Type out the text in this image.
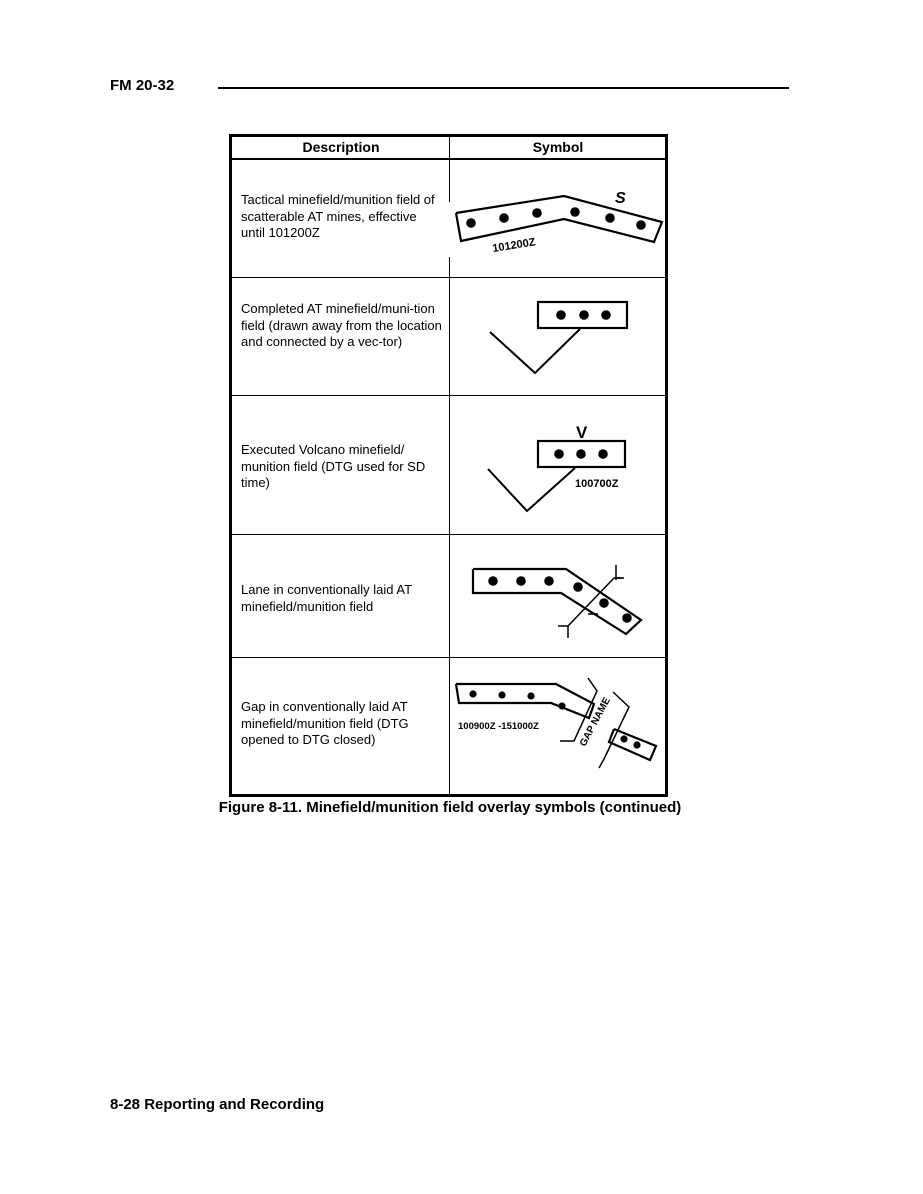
FM 20-32
Description	Symbol
Tactical minefield/munition field of scatterable AT mines, effective until 101200Z
S
101200Z
Completed AT minefield/muni-tion field (drawn away from the location and connected by a vec-tor)
Executed Volcano minefield/ munition field (DTG used for SD time)
V
100700Z
Lane in conventionally laid AT minefield/munition field
Gap in conventionally laid AT minefield/munition field (DTG opened to DTG closed)
100900Z -151000Z	GAP NAME
Figure 8-11. Minefield/munition field overlay symbols (continued)
8-28 Reporting and Recording
